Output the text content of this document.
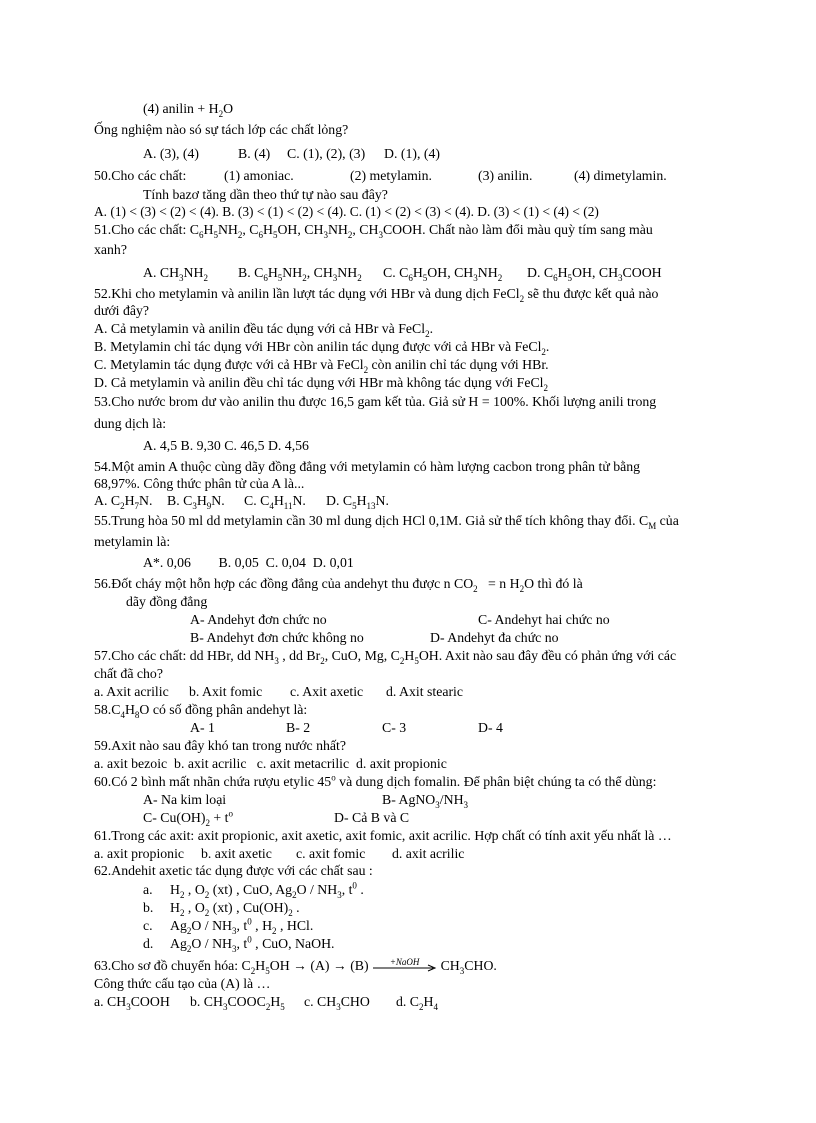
(4) anilin + $H_2O$
Ống nghiệm nào só sự tách lớp các chất lỏng?
A. (3), (4)	B. (4) C. (1), (2), (3) D. (1), (4)
50.Cho các chất:	(1) amoniac.	(2) metylamin.	(3) anilin.	(4) dimetylamin.
Tính bazơ tăng dần theo thứ tự nào sau đây?
A. (1) < (3) < (2) < (4). B. (3) < (1) < (2) < (4). C. (1) < (2) < (3) < (4). D. (3) < (1) < (4) < (2)
51.Cho các chất: $C_6H_5NH_2$, $C_6H_5OH$, $CH_3NH_2$, $CH_3COOH$. Chất nào làm đổi màu quỳ tím sang màu
xanh?
A. $CH_3NH_2$ B. $C_6H_5NH_2$, $CH_3NH_2$ C. $C_6H_5OH$, $CH_3NH_2$ D. $C_6H_5OH$, $CH_3COOH$
52.Khi cho metylamin và anilin lần lượt tác dụng với HBr và dung dịch FeCl$_2$ sẽ thu được kết quả nào
dưới đây?
A. Cả metylamin và anilin đều tác dụng với cả HBr và FeCl$_2$.
B. Metylamin chỉ tác dụng với HBr còn anilin tác dụng được với cả HBr và FeCl$_2$.
C. Metylamin tác dụng được với cả HBr và FeCl$_2$ còn anilin chỉ tác dụng với HBr.
D. Cả metylamin và anilin đều chỉ tác dụng với HBr mà không tác dụng với FeCl$_2$
53.Cho nước brom dư vào anilin thu được 16,5 gam kết tủa. Giả sử H = 100%. Khối lượng anili trong
dung dịch là:
A. 4,5 B. 9,30 C. 46,5 D. 4,56
54.Một amin A thuộc cùng dãy đồng đẳng với metylamin có hàm lượng cacbon trong phân tử bằng
68,97%. Công thức phân tử của A là...
A. $C_2H_7N$. B. $C_3H_9N$. C. $C_4H_{11}N$. D. $C_5H_{13}N$.
55.Trung hòa 50 ml dd metylamin cần 30 ml dung dịch HCl 0,1M. Giả sử thể tích không thay đổi. $C_M$ của
metylamin là:
A*. 0,06        B. 0,05  C. 0,04  D. 0,01
56.Đốt cháy một hỗn hợp các đồng đẳng của andehyt thu được n $CO_2 = n$ $H_2O$ thì đó là
dãy đồng đẳng
A- Andehyt đơn chức no	C- Andehyt hai chức no
B- Andehyt đơn chức không no	D- Andehyt đa chức no
57.Cho các chất: dd HBr, dd $NH_3$ , dd $Br_2$, CuO, Mg, $C_2H_5OH$. Axit nào sau đây đều có phản ứng với các
chất đã cho?
a. Axit acrilic b. Axit fomic c. Axit axetic d. Axit stearic
$58.C_4H_8O$ có số đồng phân andehyt là:
A- 1	B- 2	C- 3	D- 4
59.Axit nào sau đây khó tan trong nước nhất?
a. axit bezoic  b. axit acrilic   c. axit metacrilic  d. axit propionic
60.Có 2 bình mất nhãn chứa rượu etylic 45$^o$ và dung dịch fomalin. Để phân biệt chúng ta có thể dùng:
A- Na kim loại	B- $AgNO_3/NH_3$
C- $Cu(OH)_2 + t^o$	D- Cả B và C
61.Trong các axit: axit propionic, axit axetic, axit fomic, axit acrilic. Hợp chất có tính axit yếu nhất là …
a. axit propionic b. axit axetic c. axit fomic d. axit acrilic
62.Andehit axetic tác dụng được với các chất sau :
a. $H_2$ , $O_2$ (xt) , CuO, $Ag_2O / NH_3$, $t^0$ .
b. $H_2$ , $O_2$ (xt) , $Cu(OH)_2$ .
c. $Ag_2O / NH_3$, $t^0$ , $H_2$ , HCl.
d. $Ag_2O / NH_3$, $t^0$ , CuO, NaOH.
63.Cho sơ đồ chuyển hóa: $C_2H_5OH \to (A) \to (B)$	+NaOH	$CH_3CHO$.
Công thức cấu tạo của (A) là …
a. $CH_3COOH$ b. $CH_3COOC_2H_5$ c. $CH_3CHO$ d. $C_2H_4$
